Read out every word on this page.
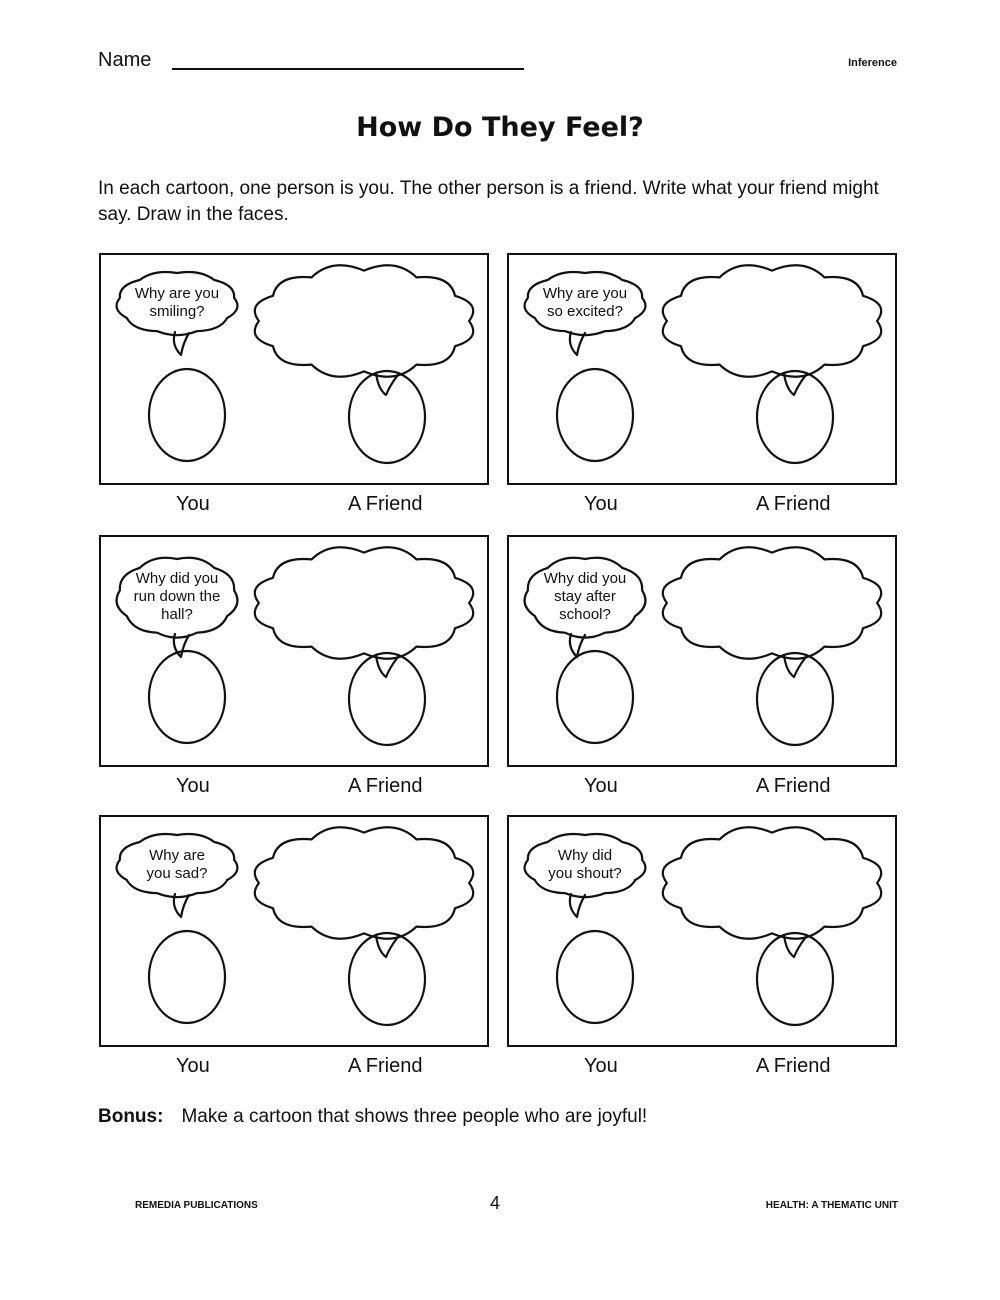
Name	Inference
How Do They Feel?
In each cartoon, one person is you. The other person is a friend. Write what your friend might say. Draw in the faces.
Why are you
smiling?
You	A Friend
Why are you
so excited?
You	A Friend
Why did you
run down the
hall?
You	A Friend
Why did you
stay after
school?
You	A Friend
Why are
you sad?
You	A Friend
Why did
you shout?
You	A Friend
Bonus: Make a cartoon that shows three people who are joyful!
REMEDIA PUBLICATIONS	4	HEALTH: A THEMATIC UNIT
